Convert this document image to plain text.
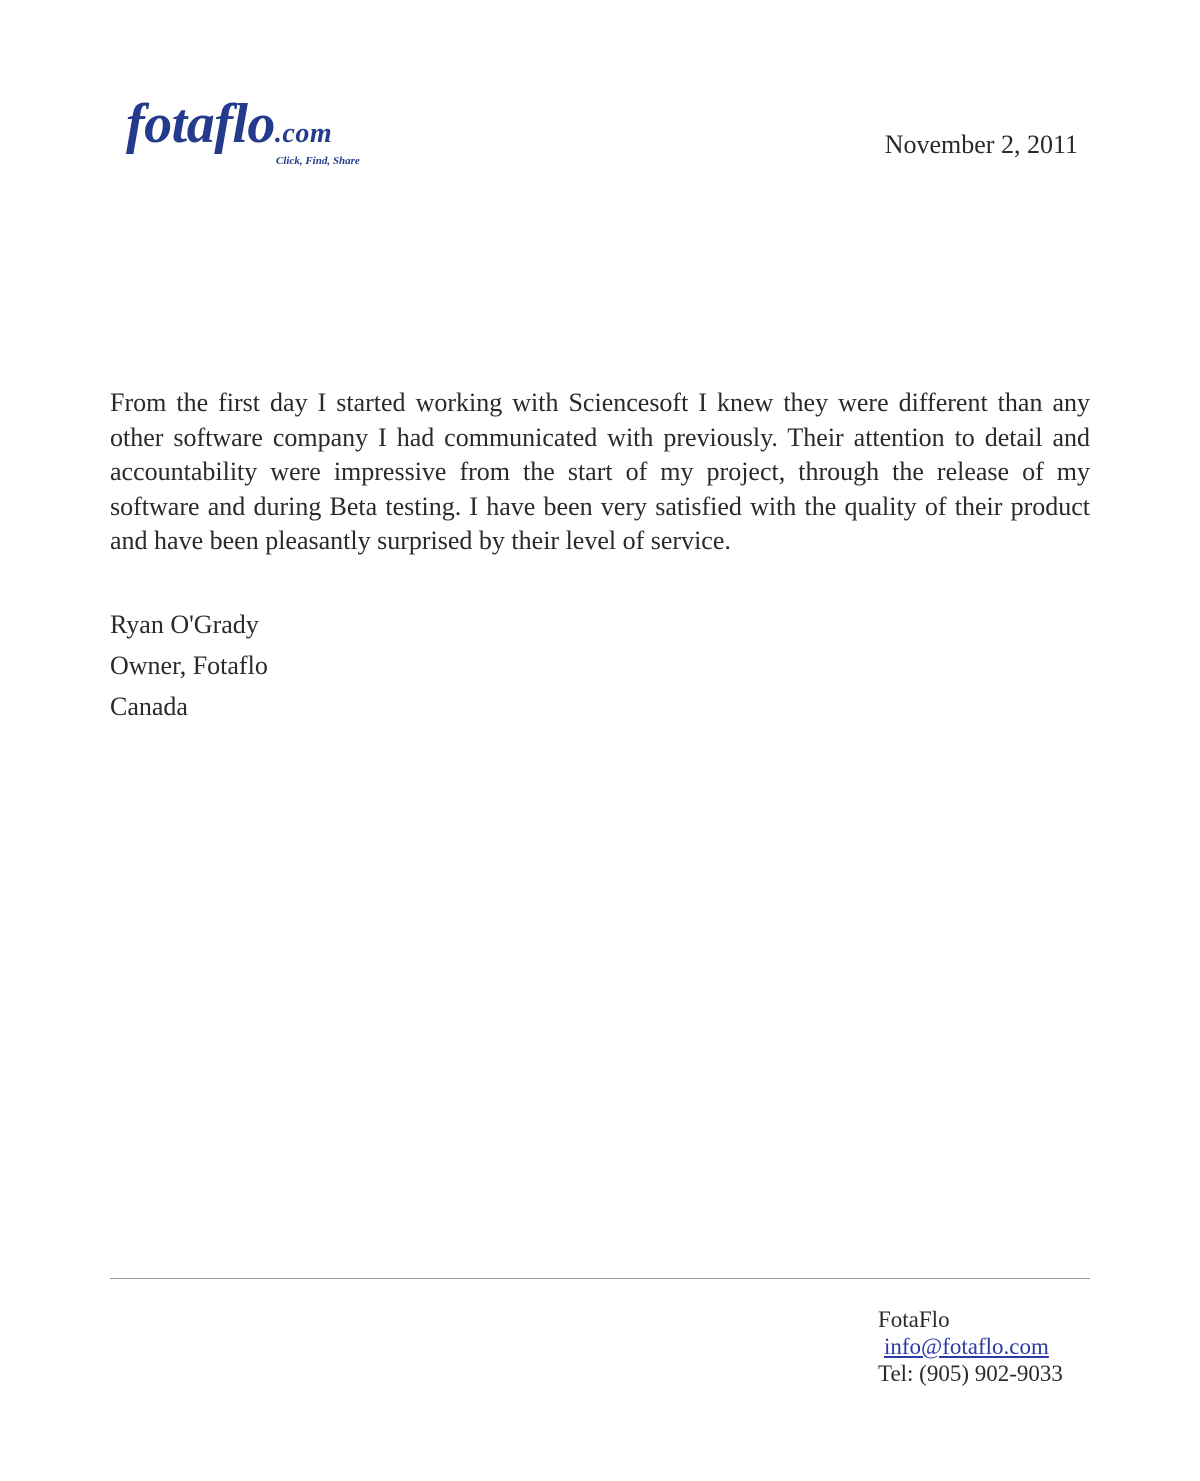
fotaflo.com
Click, Find, Share
November 2, 2011
From the first day I started working with Sciencesoft I knew they were different than any other software company I had communicated with previously. Their attention to detail and accountability were impressive from the start of my project, through the release of my software and during Beta testing. I have been very satisfied with the quality of their product and have been pleasantly surprised by their level of service.
Ryan O'Grady
Owner, Fotaflo
Canada
FotaFlo
info@fotaflo.com
Tel: (905) 902-9033
